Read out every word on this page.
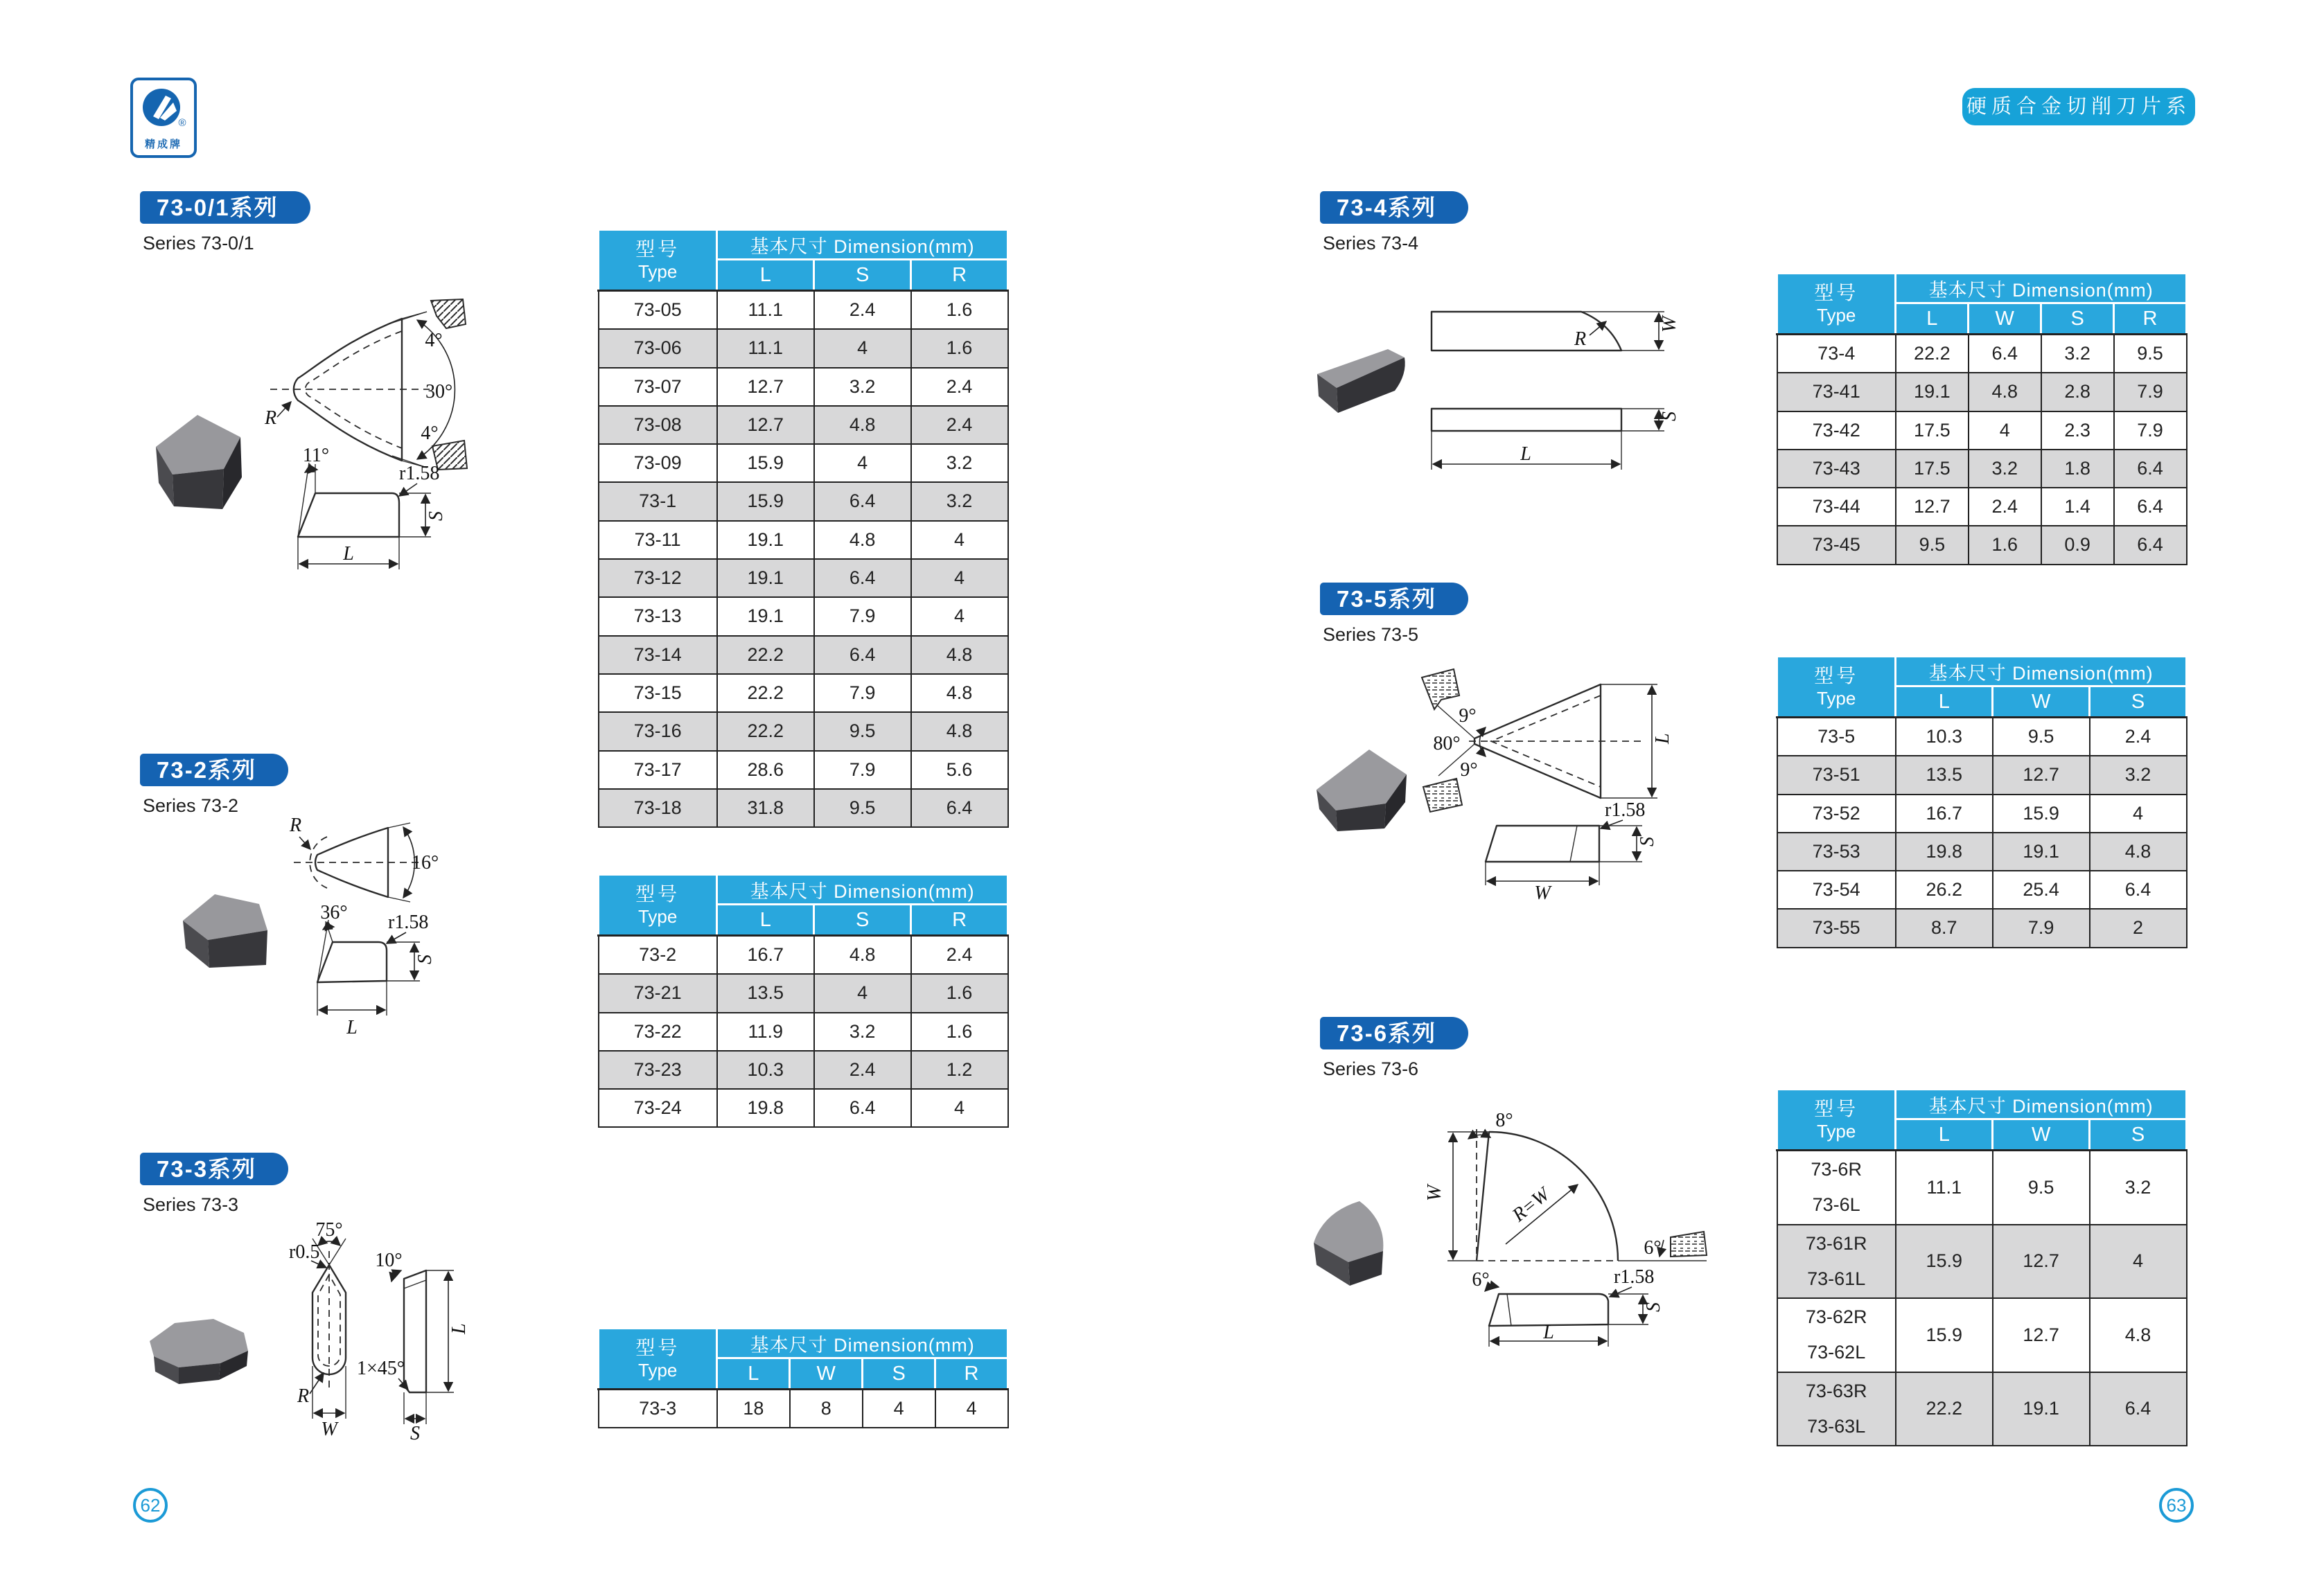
®
精成牌
硬质合金切削刀片系列
73-0/1系列
Series 73-0/1
30°
4°
4°
R
11°
r1.58
S
L
型号
Type	基本尺寸 Dimension(mm)		
	L	S	R
73-05	11.1	2.4	1.6
73-06	11.1	4	1.6
73-07	12.7	3.2	2.4
73-08	12.7	4.8	2.4
73-09	15.9	4	3.2
73-1	15.9	6.4	3.2
73-11	19.1	4.8	4
73-12	19.1	6.4	4
73-13	19.1	7.9	4
73-14	22.2	6.4	4.8
73-15	22.2	7.9	4.8
73-16	22.2	9.5	4.8
73-17	28.6	7.9	5.6
73-18	31.8	9.5	6.4
73-2系列
Series 73-2
16°
R
36° r1.58
S
L
型号
Type	基本尺寸 Dimension(mm)		
	L	S	R
73-2	16.7	4.8	2.4
73-21	13.5	4	1.6
73-22	11.9	3.2	1.6
73-23	10.3	2.4	1.2
73-24	19.8	6.4	4
73-3系列
Series 73-3
75°
r0.5
R
W
10°
1×45°
L
S
型号
Type	基本尺寸 Dimension(mm)			
	L	W	S	R
73-3	18	8	4	4
73-4系列
Series 73-4
R
W
S
L
型号
Type	基本尺寸 Dimension(mm)			
	L	W	S	R
73-4	22.2	6.4	3.2	9.5
73-41	19.1	4.8	2.8	7.9
73-42	17.5	4	2.3	7.9
73-43	17.5	3.2	1.8	6.4
73-44	12.7	2.4	1.4	6.4
73-45	9.5	1.6	0.9	6.4
73-5系列
Series 73-5
80°
9°
9°
L
r1.58
S
W
型号
Type	基本尺寸 Dimension(mm)		
	L	W	S
73-5	10.3	9.5	2.4
73-51	13.5	12.7	3.2
73-52	16.7	15.9	4
73-53	19.8	19.1	4.8
73-54	26.2	25.4	6.4
73-55	8.7	7.9	2
73-6系列
Series 73-6
8°
W	R=W
6°
6°	r1.58
S
L
型号
Type	基本尺寸 Dimension(mm)		
	L	W	S
73-6R
73-6L	11.1	9.5	3.2
73-61R
73-61L	15.9	12.7	4
73-62R
73-62L	15.9	12.7	4.8
73-63R
73-63L	22.2	19.1	6.4
62	63
